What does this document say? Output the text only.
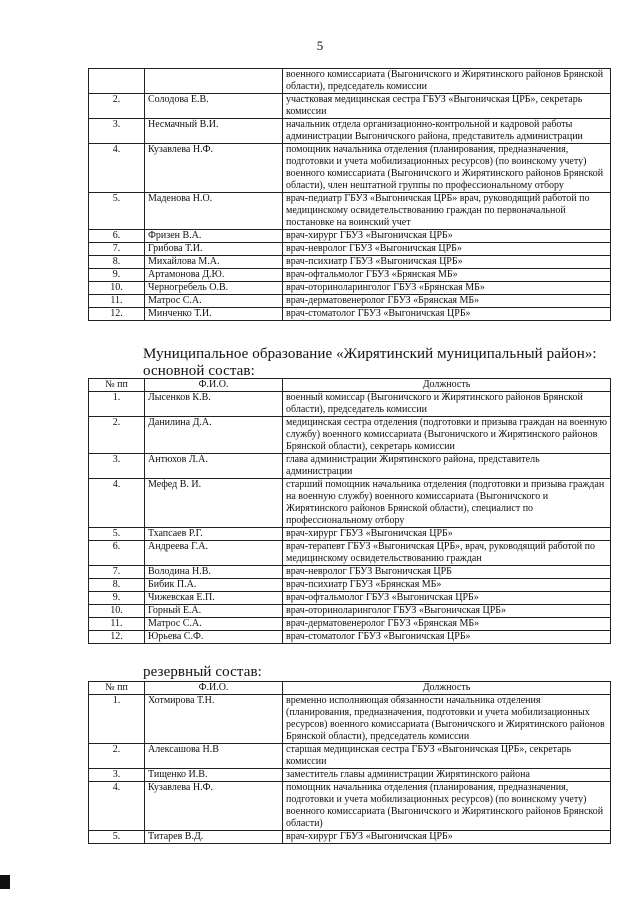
5
		военного комиссариата (Выгоничского и Жирятинского районов Брянской области), председатель комиссии
2.	Солодова Е.В.	участковая медицинская сестра ГБУЗ «Выгоничская ЦРБ», секретарь комиссии
3.	Несмачный В.И.	начальник отдела организационно-контрольной и кадровой работы администрации Выгоничского района, представитель администрации
4.	Кузавлева Н.Ф.	помощник начальника отделения (планирования, предназначения, подготовки и учета мобилизационных ресурсов) (по воинскому учету) военного комиссариата (Выгоничского и Жирятинского районов Брянской области), член нештатной группы по профессиональному отбору
5.	Маденова Н.О.	врач-педиатр ГБУЗ «Выгоничская ЦРБ» врач, руководящий работой по медицинскому освидетельствованию граждан по первоначальной постановке на воинский учет
6.	Фризен В.А.	врач-хирург ГБУЗ «Выгоничская ЦРБ»
7.	Грибова Т.И.	врач-невролог ГБУЗ «Выгоничская ЦРБ»
8.	Михайлова М.А.	врач-психиатр ГБУЗ «Выгоничская ЦРБ»
9.	Артамонова Д.Ю.	врач-офтальмолог ГБУЗ «Брянская МБ»
10.	Черногребель О.В.	врач-оториноларинголог ГБУЗ «Брянская МБ»
11.	Матрос С.А.	врач-дерматовенеролог ГБУЗ «Брянская МБ»
12.	Минченко Т.И.	врач-стоматолог ГБУЗ «Выгоничская ЦРБ»
Муниципальное образование «Жирятинский муниципальный район»:
основной состав:
№ пп	Ф.И.О.	Должность
1.	Лысенков К.В.	военный комиссар (Выгоничского и Жирятинского районов Брянской области), председатель комиссии
2.	Данилина Д.А.	медицинская сестра отделения (подготовки и призыва граждан на военную службу) военного комиссариата (Выгоничского и Жирятинского районов Брянской области), секретарь комиссии
3.	Антюхов Л.А.	глава администрации Жирятинского района, представитель администрации
4.	Мефед В. И.	старший помощник начальника отделения (подготовки и призыва граждан на военную службу) военного комиссариата (Выгоничского и Жирятинского районов Брянской области), специалист по профессиональному отбору
5.	Тхапсаев Р.Г.	врач-хирург ГБУЗ «Выгоничская ЦРБ»
6.	Андреева Г.А.	врач-терапевт ГБУЗ «Выгоничская ЦРБ», врач, руководящий работой по медицинскому освидетельствованию граждан
7.	Володина Н.В.	врач-невролог ГБУЗ Выгоничская ЦРБ
8.	Бибик П.А.	врач-психиатр ГБУЗ «Брянская МБ»
9.	Чижевская Е.П.	врач-офтальмолог ГБУЗ «Выгоничская ЦРБ»
10.	Горный Е.А.	врач-оториноларинголог ГБУЗ «Выгоничская ЦРБ»
11.	Матрос С.А.	врач-дерматовенеролог ГБУЗ «Брянская МБ»
12.	Юрьева С.Ф.	врач-стоматолог ГБУЗ «Выгоничская ЦРБ»
резервный состав:
№ пп	Ф.И.О.	Должность
1.	Хотмирова Т.Н.	временно исполняющая обязанности начальника отделения (планирования, предназначения, подготовки и учета мобилизационных ресурсов) военного комиссариата (Выгоничского и Жирятинского районов Брянской области), председатель комиссии
2.	Алексашова Н.В	старшая медицинская сестра ГБУЗ «Выгоничская ЦРБ», секретарь комиссии
3.	Тищенко И.В.	заместитель главы администрации Жирятинского района
4.	Кузавлева Н.Ф.	помощник начальника отделения (планирования, предназначения, подготовки и учета мобилизационных ресурсов) (по воинскому учету) военного комиссариата (Выгоничского и Жирятинского районов Брянской области)
5.	Титарев В.Д.	врач-хирург ГБУЗ «Выгоничская ЦРБ»
